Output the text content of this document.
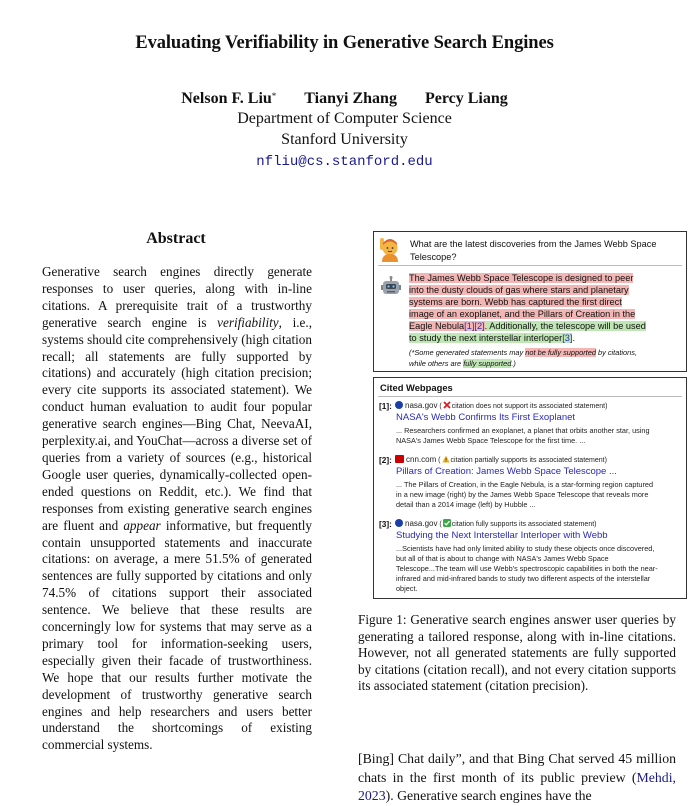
Evaluating Verifiability in Generative Search Engines
Nelson F. Liu* Tianyi Zhang Percy Liang
Department of Computer Science
Stanford University
nfliu@cs.stanford.edu
Abstract

Generative search engines directly generate responses to user queries, along with in-line citations. A prerequisite trait of a trustworthy generative search engine is verifiability, i.e., systems should cite comprehensively (high citation recall; all statements are fully supported by citations) and accurately (high citation precision; every cite supports its associated statement). We conduct human evaluation to audit four popular generative search engines—Bing Chat, NeevaAI, perplexity.ai, and YouChat—across a diverse set of queries from a variety of sources (e.g., historical Google user queries, dynamically-collected open-ended questions on Reddit, etc.). We find that responses from existing generative search engines are fluent and appear informative, but frequently contain unsupported statements and inaccurate citations: on average, a mere 51.5% of generated sentences are fully supported by citations and only 74.5% of citations support their associated sentence. We believe that these results are concerningly low for systems that may serve as a primary tool for information-seeking users, especially given their facade of trustworthiness. We hope that our results further motivate the development of trustworthy generative search engines and help researchers and users better understand the shortcomings of existing commercial systems.

What are the latest discoveries from the James Webb Space Telescope?
The James Webb Space Telescope is designed to peer into the dusty clouds of gas where stars and planetary systems are born. Webb has captured the first direct image of an exoplanet, and the Pillars of Creation in the Eagle Nebula[1][2]. Additionally, the telescope will be used to study the next interstellar interloper[3].
(*Some generated statements may not be fully supported by citations, while others are fully supported.)
Cited Webpages
[1]:	nasa.gov ( citation does not support its associated statement)
NASA's Webb Confirms Its First Exoplanet
... Researchers confirmed an exoplanet, a planet that orbits another star, using NASA's James Webb Space Telescope for the first time. ...
[2]:	cnn.com ( citation partially supports its associated statement)
Pillars of Creation: James Webb Space Telescope ...
... The Pillars of Creation, in the Eagle Nebula, is a star-forming region captured in a new image (right) by the James Webb Space Telescope that reveals more detail than a 2014 image (left) by Hubble ...
[3]:	nasa.gov ( citation fully supports its associated statement)
Studying the Next Interstellar Interloper with Webb
...Scientists have had only limited ability to study these objects once discovered, but all of that is about to change with NASA's James Webb Space Telescope...The team will use Webb's spectroscopic capabilities in both the near-infrared and mid-infrared bands to study two different aspects of the interstellar object.
Figure 1: Generative search engines answer user queries by generating a tailored response, along with in-line citations. However, not all generated statements are fully supported by citations (citation recall), and not every citation supports its associated statement (citation precision).
[Bing] Chat daily”, and that Bing Chat served 45 million chats in the first month of its public preview (Mehdi, 2023). Generative search engines have the
